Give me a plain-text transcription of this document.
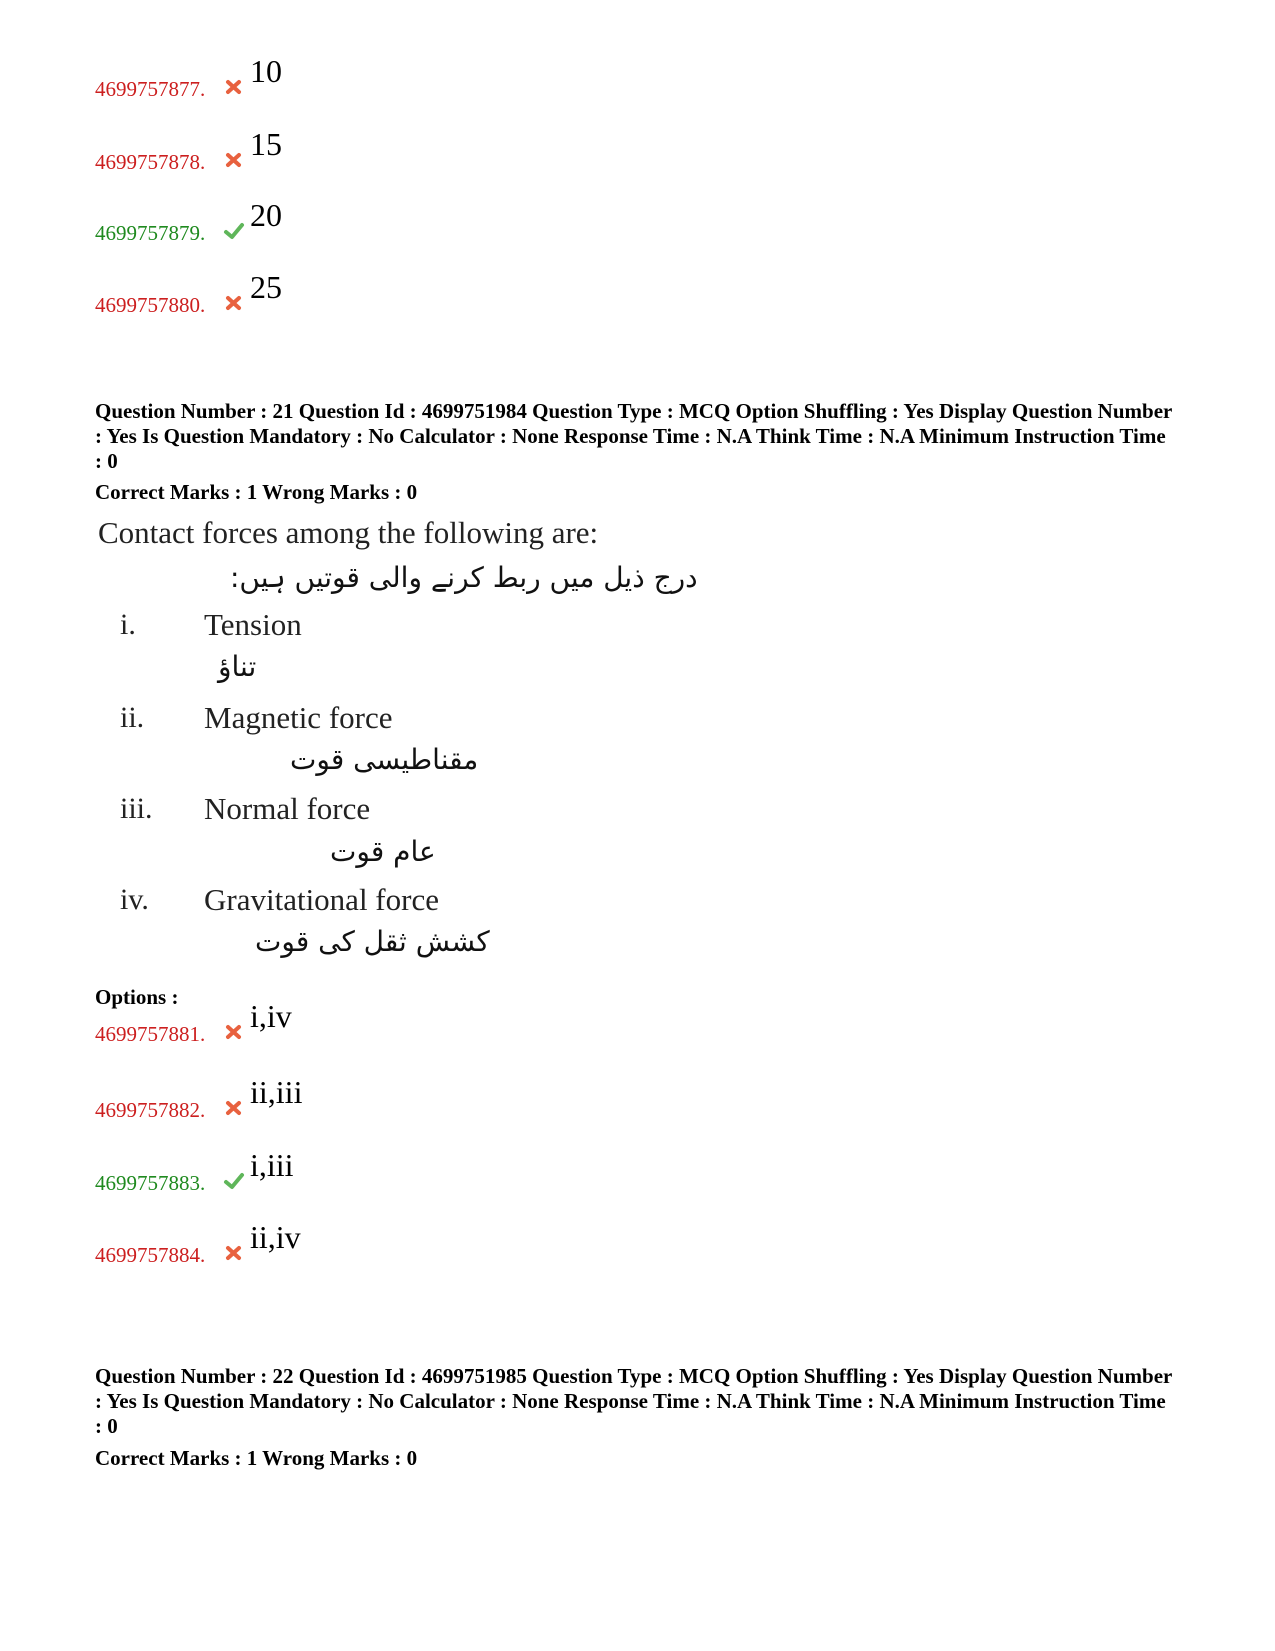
4699757877. 10
4699757878. 15
4699757879. 20
4699757880. 25
Question Number : 21 Question Id : 4699751984 Question Type : MCQ Option Shuffling : Yes Display Question Number : Yes Is Question Mandatory : No Calculator : None Response Time : N.A Think Time : N.A Minimum Instruction Time : 0
Correct Marks : 1 Wrong Marks : 0
Contact forces among the following are:
درج ذیل میں ربط کرنے والی قوتیں ہیں:
i. Tension
تناؤ
ii. Magnetic force
مقناطیسی قوت
iii. Normal force
عام قوت
iv. Gravitational force
کشش ثقل کی قوت
Options :
4699757881. i,iv
4699757882. ii,iii
4699757883. i,iii
4699757884. ii,iv
Question Number : 22 Question Id : 4699751985 Question Type : MCQ Option Shuffling : Yes Display Question Number : Yes Is Question Mandatory : No Calculator : None Response Time : N.A Think Time : N.A Minimum Instruction Time : 0
Correct Marks : 1 Wrong Marks : 0
